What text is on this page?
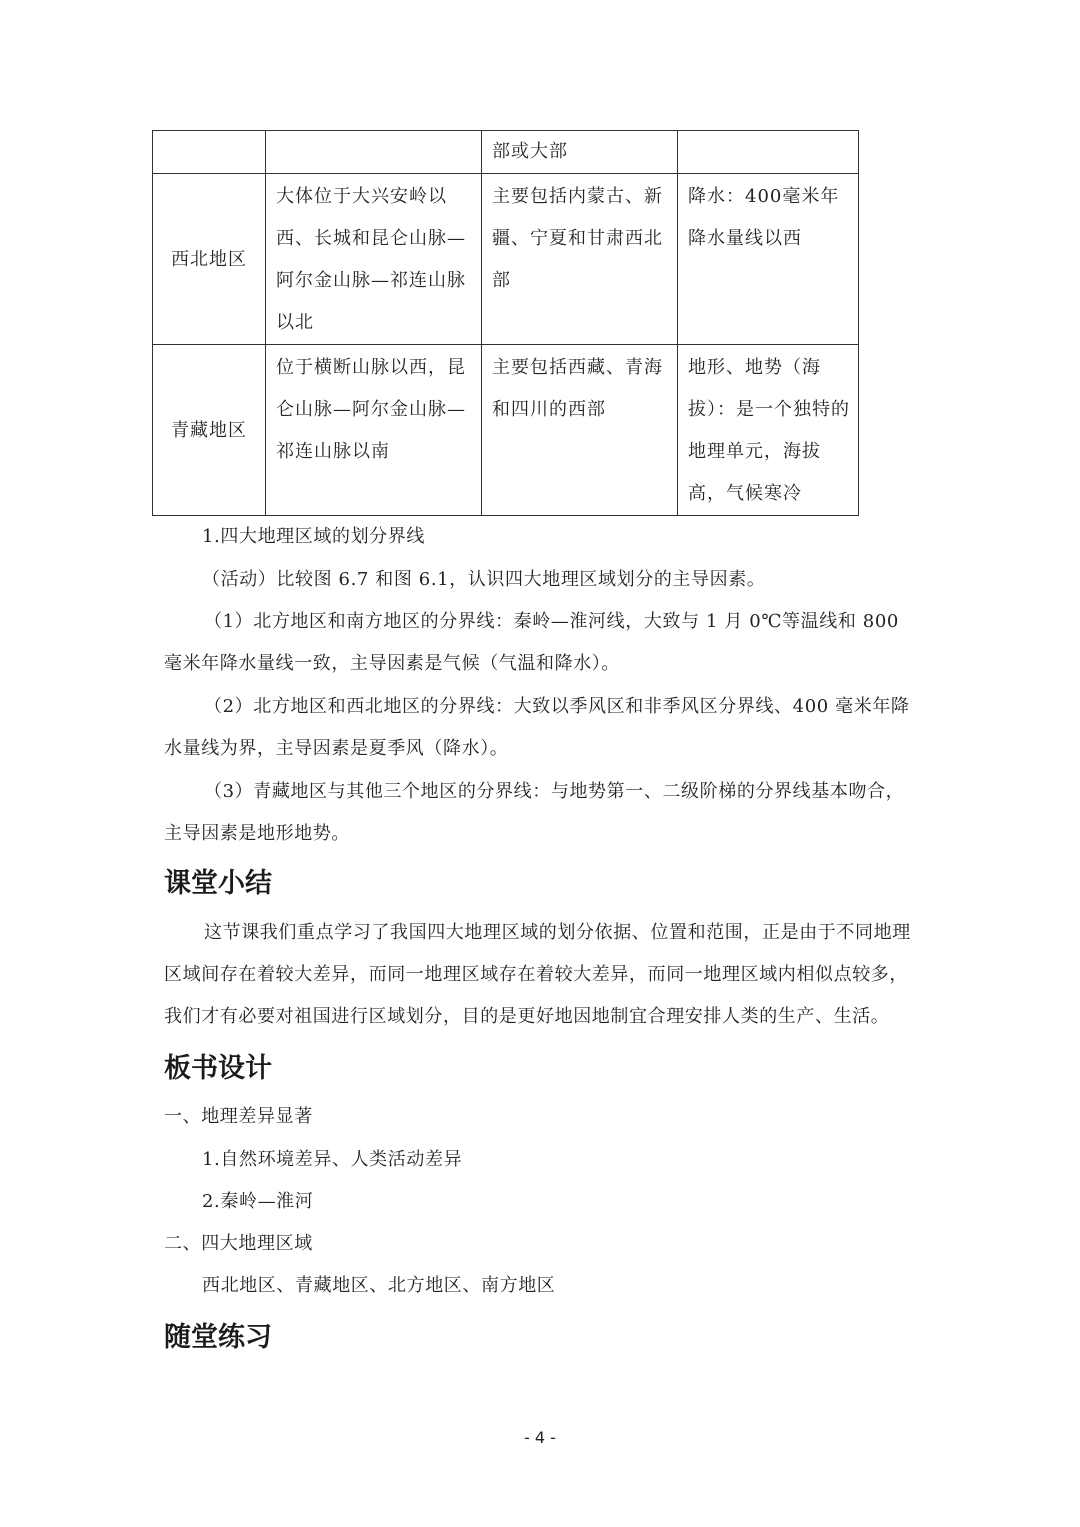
		部或大部	
西北地区	大体位于大兴安岭以西、长城和昆仑山脉—阿尔金山脉—祁连山脉以北	主要包括内蒙古、新疆、宁夏和甘肃西北部	降水：400毫米年降水量线以西
青藏地区	位于横断山脉以西，昆仑山脉—阿尔金山脉—祁连山脉以南	主要包括西藏、青海和四川的西部	地形、地势（海拔）：是一个独特的地理单元，海拔高，气候寒冷

1.四大地理区域的划分界线

（活动）比较图 6.7 和图 6.1，认识四大地理区域划分的主导因素。

（1）北方地区和南方地区的分界线：秦岭—淮河线，大致与 1 月 0℃等温线和 800 毫米年降水量线一致，主导因素是气候（气温和降水）。

（2）北方地区和西北地区的分界线：大致以季风区和非季风区分界线、400 毫米年降水量线为界，主导因素是夏季风（降水）。

（3）青藏地区与其他三个地区的分界线：与地势第一、二级阶梯的分界线基本吻合，主导因素是地形地势。

课堂小结

这节课我们重点学习了我国四大地理区域的划分依据、位置和范围，正是由于不同地理区域间存在着较大差异，而同一地理区域存在着较大差异，而同一地理区域内相似点较多，我们才有必要对祖国进行区域划分，目的是更好地因地制宜合理安排人类的生产、生活。

板书设计

一、地理差异显著

1.自然环境差异、人类活动差异

2.秦岭—淮河

二、四大地理区域

西北地区、青藏地区、北方地区、南方地区

随堂练习
- 4 -
